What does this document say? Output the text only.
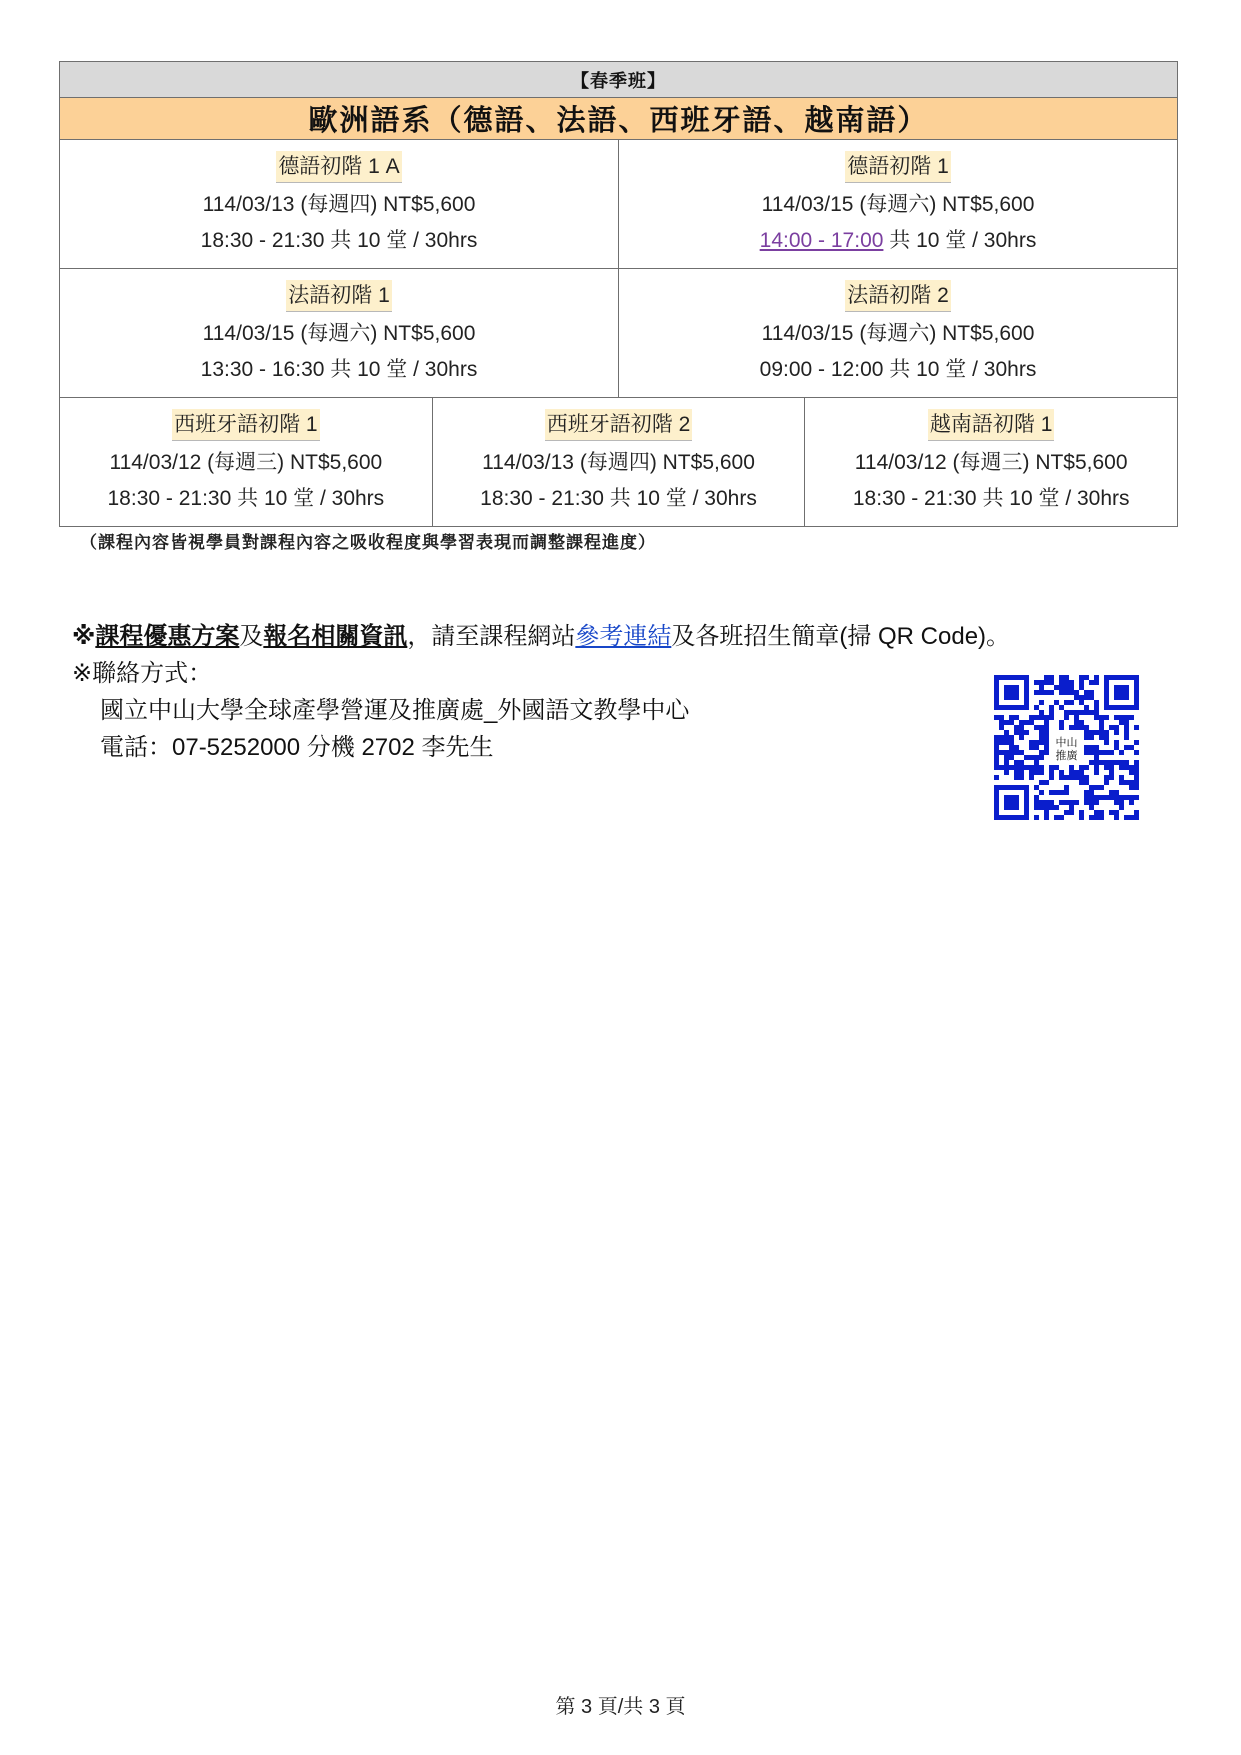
【春季班】
歐洲語系（德語、法語、西班牙語、越南語）
德語初階 1 A
114/03/13 (每週四) NT$5,600
18:30 - 21:30 共 10 堂 / 30hrs
德語初階 1
114/03/15 (每週六) NT$5,600
14:00 - 17:00 共 10 堂 / 30hrs
法語初階 1
114/03/15 (每週六) NT$5,600
13:30 - 16:30 共 10 堂 / 30hrs
法語初階 2
114/03/15 (每週六) NT$5,600
09:00 - 12:00 共 10 堂 / 30hrs
西班牙語初階 1
114/03/12 (每週三) NT$5,600
18:30 - 21:30 共 10 堂 / 30hrs
西班牙語初階 2
114/03/13 (每週四) NT$5,600
18:30 - 21:30 共 10 堂 / 30hrs
越南語初階 1
114/03/12 (每週三) NT$5,600
18:30 - 21:30 共 10 堂 / 30hrs
（課程內容皆視學員對課程內容之吸收程度與學習表現而調整課程進度）
※課程優惠方案及報名相關資訊，請至課程網站參考連結及各班招生簡章(掃 QR Code)。
※聯絡方式：
國立中山大學全球產學營運及推廣處_外國語文教學中心
電話：07-5252000 分機 2702 李先生	中山
推廣
第 3 頁/共 3 頁
